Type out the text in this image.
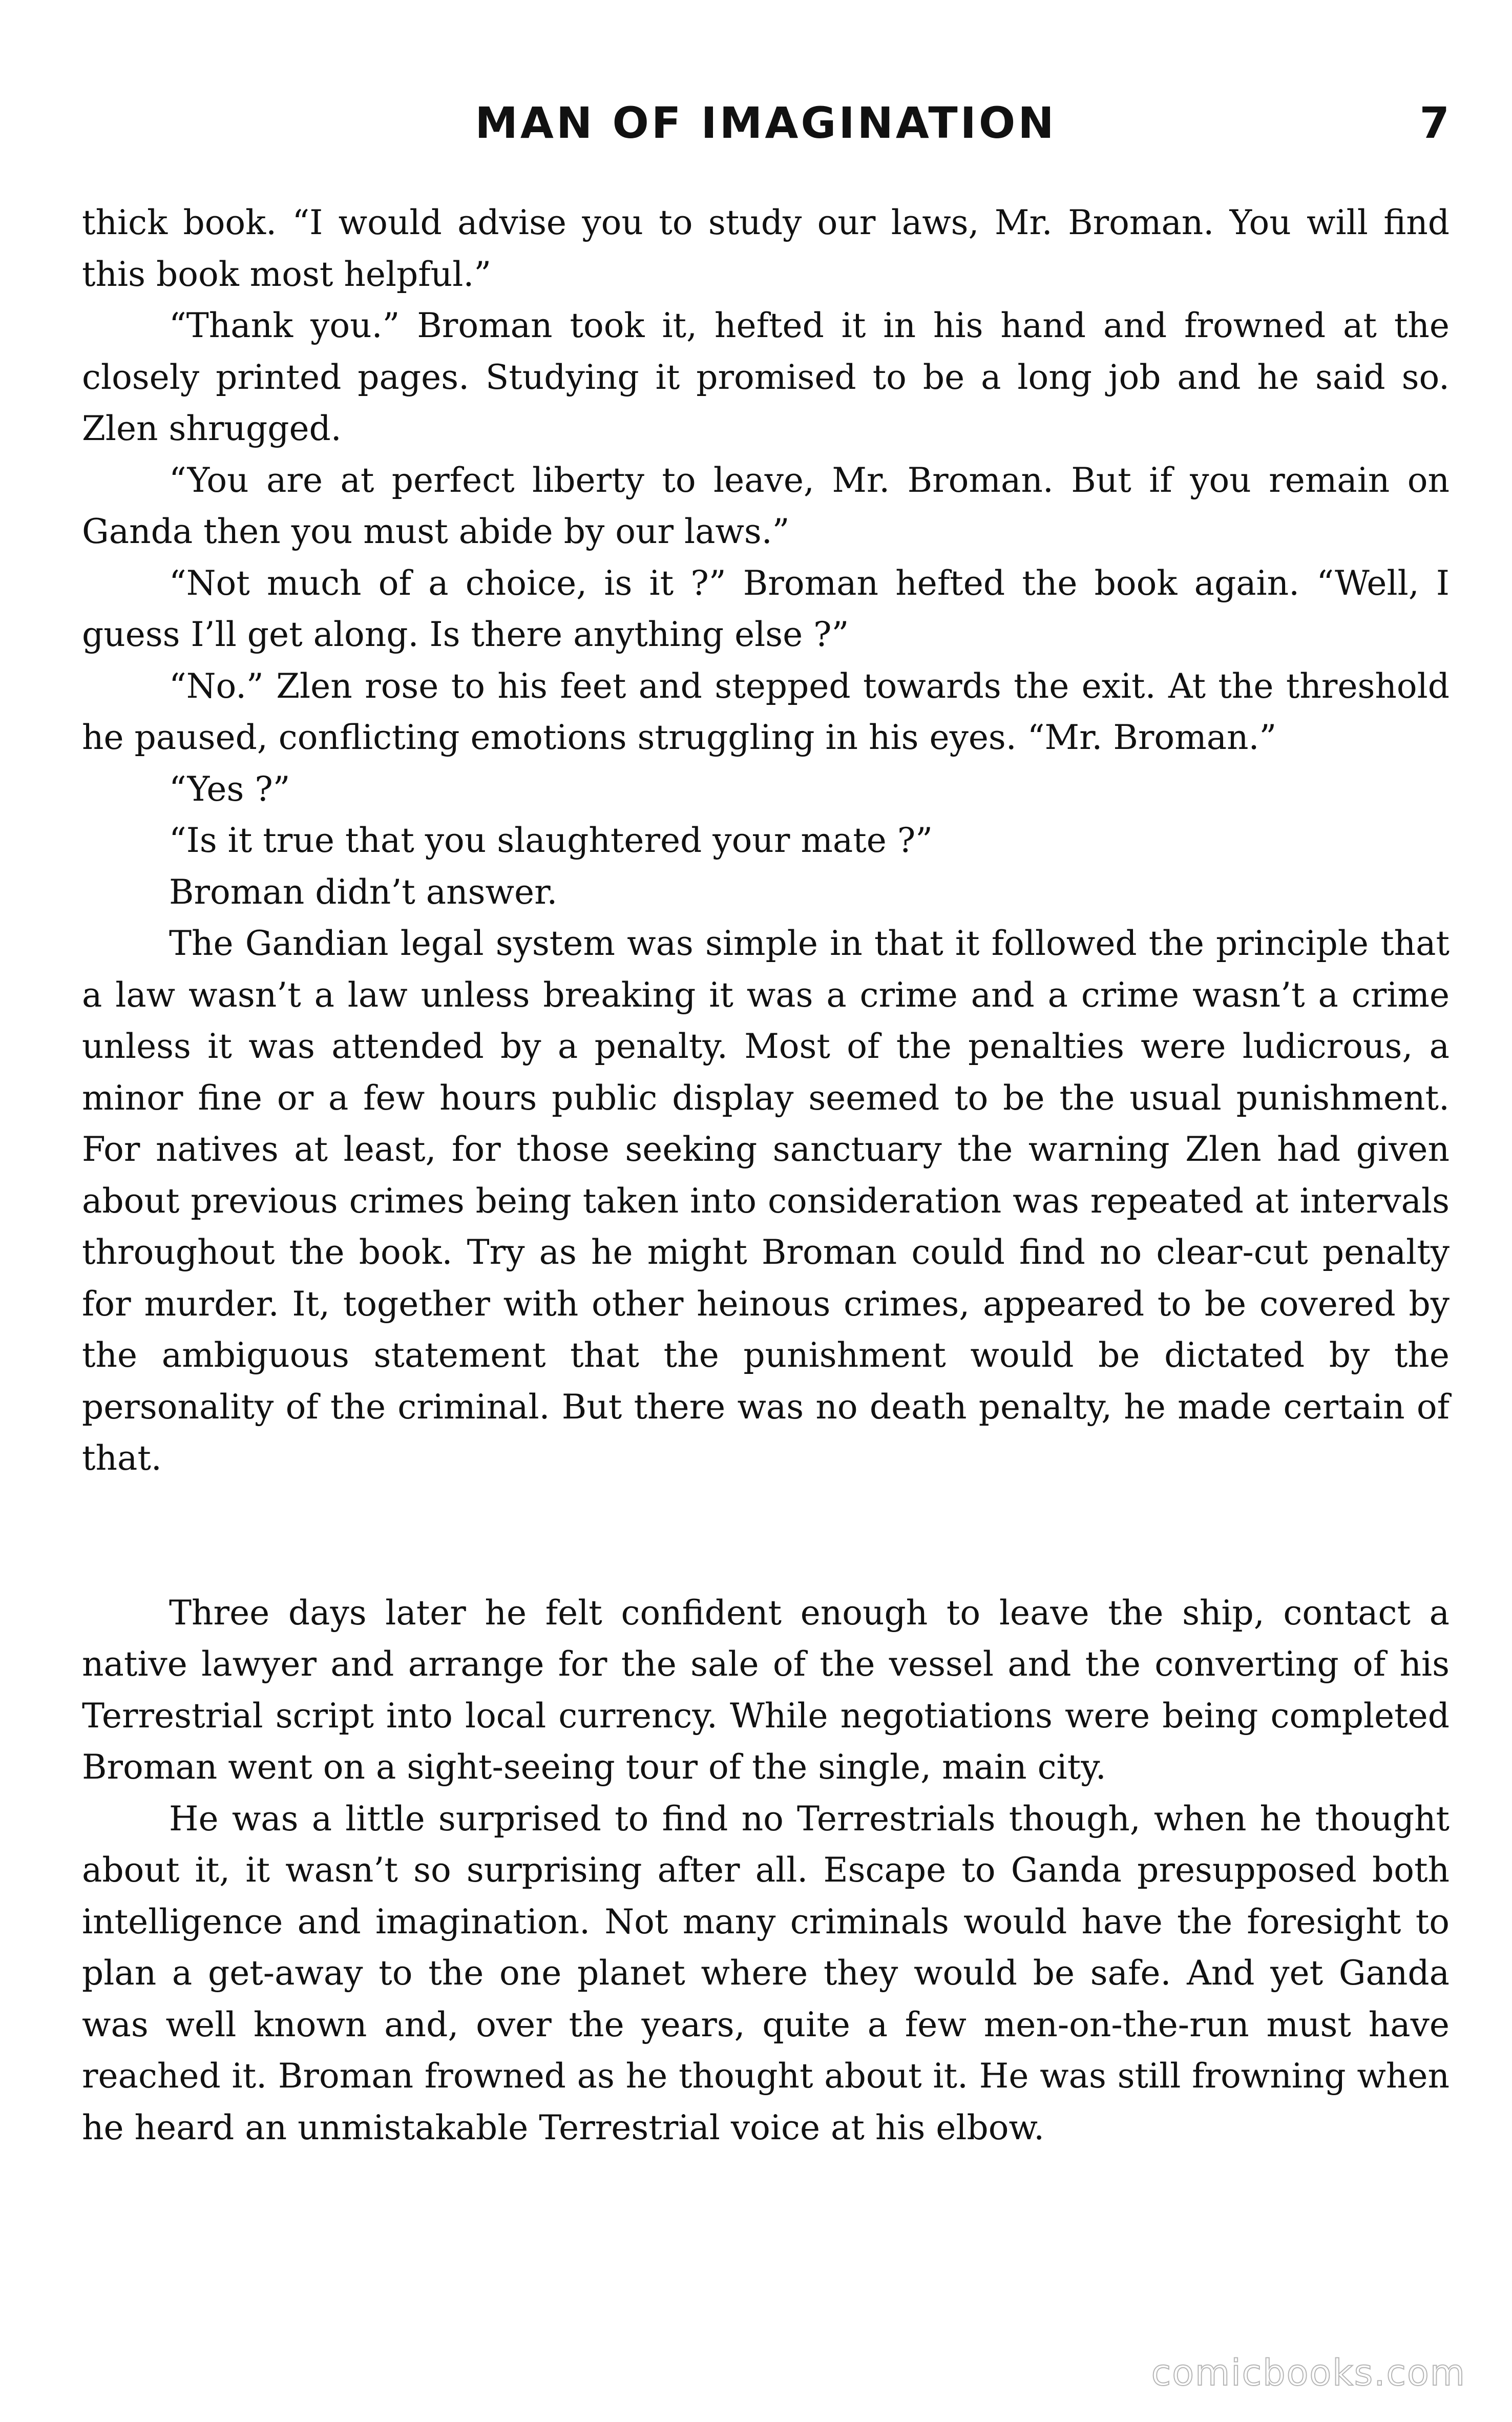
MAN OF IMAGINATION	7

thick book. “I would advise you to study our laws, Mr. Broman. You will find this book most helpful.”

“Thank you.” Broman took it, hefted it in his hand and frowned at the closely printed pages. Studying it promised to be a long job and he said so. Zlen shrugged.

“You are at perfect liberty to leave, Mr. Broman. But if you remain on Ganda then you must abide by our laws.”

“Not much of a choice, is it ?” Broman hefted the book again. “Well, I guess I’ll get along. Is there anything else ?”

“No.” Zlen rose to his feet and stepped towards the exit. At the threshold he paused, conflicting emotions struggling in his eyes. “Mr. Broman.”

“Yes ?”

“Is it true that you slaughtered your mate ?”

Broman didn’t answer.

The Gandian legal system was simple in that it followed the principle that a law wasn’t a law unless breaking it was a crime and a crime wasn’t a crime unless it was attended by a penalty. Most of the penalties were ludicrous, a minor fine or a few hours public display seemed to be the usual punishment. For natives at least, for those seeking sanctuary the warning Zlen had given about previous crimes being taken into consideration was repeated at intervals throughout the book. Try as he might Broman could find no clear-cut penalty for murder. It, together with other heinous crimes, appeared to be covered by the ambiguous statement that the punishment would be dictated by the personality of the criminal. But there was no death penalty, he made certain of that.

Three days later he felt confident enough to leave the ship, contact a native lawyer and arrange for the sale of the vessel and the converting of his Terrestrial script into local currency. While negotiations were being completed Broman went on a sight-seeing tour of the single, main city.

He was a little surprised to find no Terrestrials though, when he thought about it, it wasn’t so surprising after all. Escape to Ganda presupposed both intelligence and imagination. Not many criminals would have the foresight to plan a get-away to the one planet where they would be safe. And yet Ganda was well known and, over the years, quite a few men-on-the-run must have reached it. Broman frowned as he thought about it. He was still frowning when he heard an unmistakable Terrestrial voice at his elbow.

comicbooks.com
